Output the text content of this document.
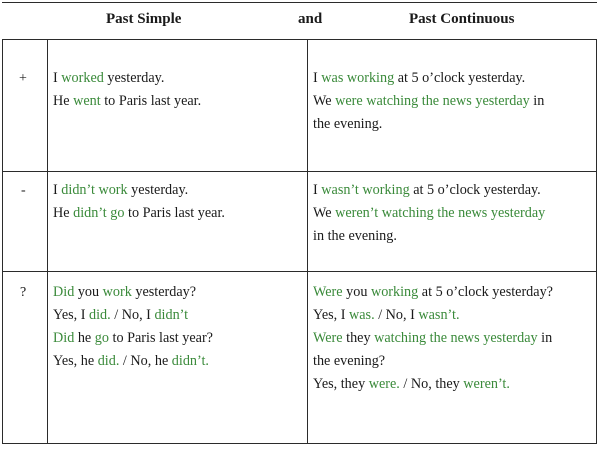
Past Simple	and	Past Continuous
+
-
?
I worked yesterday.
He went to Paris last year.
I was working at 5 o’clock yesterday.
We were watching the news yesterday in
the evening.
I didn’t work yesterday.
He didn’t go to Paris last year.
I wasn’t working at 5 o’clock yesterday.
We weren’t watching the news yesterday
in the evening.
Did you work yesterday?
Yes, I did. / No, I didn’t
Did he go to Paris last year?
Yes, he did. / No, he didn’t.
Were you working at 5 o’clock yesterday?
Yes, I was. / No, I wasn’t.
Were they watching the news yesterday in
the evening?
Yes, they were. / No, they weren’t.
